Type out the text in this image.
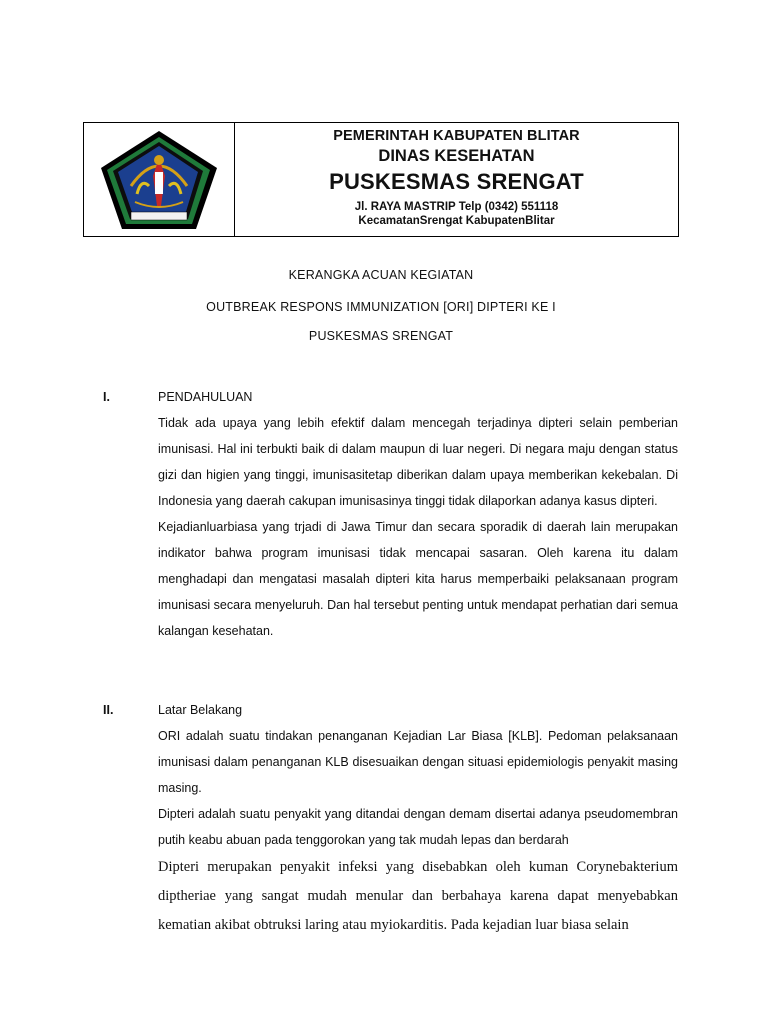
PEMERINTAH KABUPATEN BLITAR
DINAS KESEHATAN
PUSKESMAS SRENGAT
Jl. RAYA MASTRIP Telp (0342) 551118
KecamatanSrengat KabupatenBlitar
KERANGKA ACUAN KEGIATAN
OUTBREAK RESPONS IMMUNIZATION [ORI] DIPTERI KE I
PUSKESMAS SRENGAT
I.	PENDAHULUAN

Tidak ada upaya yang lebih efektif dalam mencegah terjadinya dipteri selain pemberian imunisasi. Hal ini terbukti baik di dalam maupun di luar negeri. Di negara maju dengan status gizi dan higien yang tinggi, imunisasitetap diberikan dalam upaya memberikan kekebalan. Di Indonesia yang daerah cakupan imunisasinya tinggi tidak dilaporkan adanya kasus dipteri.

Kejadianluarbiasa yang trjadi di Jawa Timur dan secara sporadik di daerah lain merupakan indikator bahwa program imunisasi tidak mencapai sasaran. Oleh karena itu dalam menghadapi dan mengatasi masalah dipteri kita harus memperbaiki pelaksanaan program imunisasi secara menyeluruh. Dan hal tersebut penting untuk mendapat perhatian dari semua kalangan kesehatan.

II.	Latar Belakang

ORI adalah suatu tindakan penanganan Kejadian Lar Biasa [KLB]. Pedoman pelaksanaan imunisasi dalam penanganan KLB disesuaikan dengan situasi epidemiologis penyakit masing masing.

Dipteri adalah suatu penyakit yang ditandai dengan demam disertai adanya pseudomembran putih keabu abuan pada tenggorokan yang tak mudah lepas dan berdarah

Dipteri merupakan penyakit infeksi yang disebabkan oleh kuman Corynebakterium diptheriae yang sangat mudah menular dan berbahaya karena dapat menyebabkan kematian akibat obtruksi laring atau myiokarditis. Pada kejadian luar biasa selain
